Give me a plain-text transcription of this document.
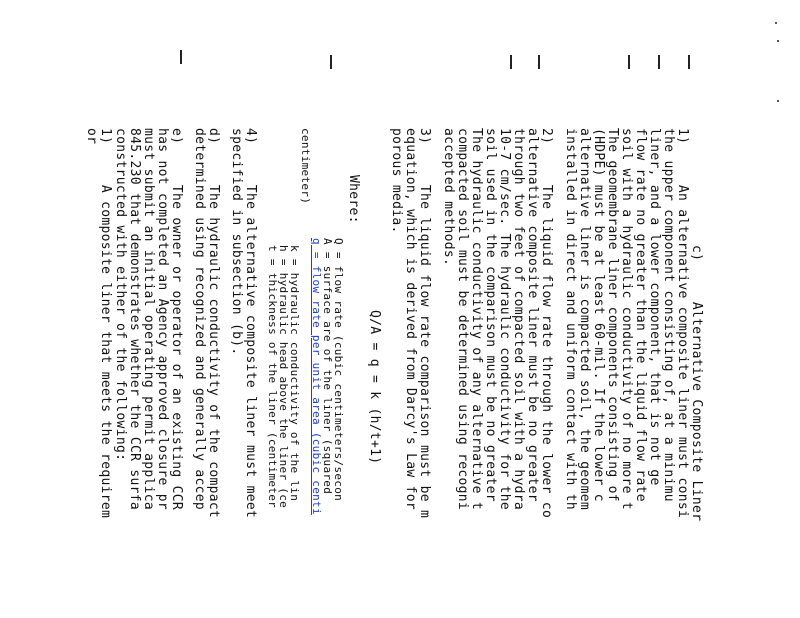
c)     Alternative Composite Liner
1)     An alternative composite liner must consi
the upper component consisting of, at a minimu
liner, and a lower component, that is not ge
flow rate no greater than the liquid flow rate
soil with a hydraulic conductivity of no more t
The geomembrane liner components consisting of
(HDPE) must be at least 60-mil. If the lower c
alternative liner is compacted soil, the geomem
installed in direct and uniform contact with th
2)     The liquid flow rate through the lower co
alternative composite liner must be no greater
through two feet of compacted soil with a hydra
10-7 cm/sec. The hydraulic conductivity for the
soil used in the comparison must be no greater
The hydraulic conductivity of any alternative t
compacted soil must be determined using recogni
accepted methods.
3)     The liquid flow rate comparison must be m
equation, which is derived from Darcy's Law for
porous media.
Q/A = q = k (h/t+1)
Where:
Q = flow rate (cubic centimeters/secon
A = surface are of the liner (squared
q = flow rate per unit area (cubic centi
centimeter)
k = hydraulic conductivity of the lin
h = hydraulic head above the liner (ce
t = thickness of the liner (centimeter
4)     The alternative composite liner must meet
specified in subsection (b).
d)     The hydraulic conductivity of the compact
determined using recognized and generally accep
e)     The owner or operator of an existing CCR
has not completed an Agency approved closure pr
must submit an initial operating permit applica
845.230 that demonstrates whether the CCR surfa
constructed with either of the following:
1)     A composite liner that meets the requirem
or
